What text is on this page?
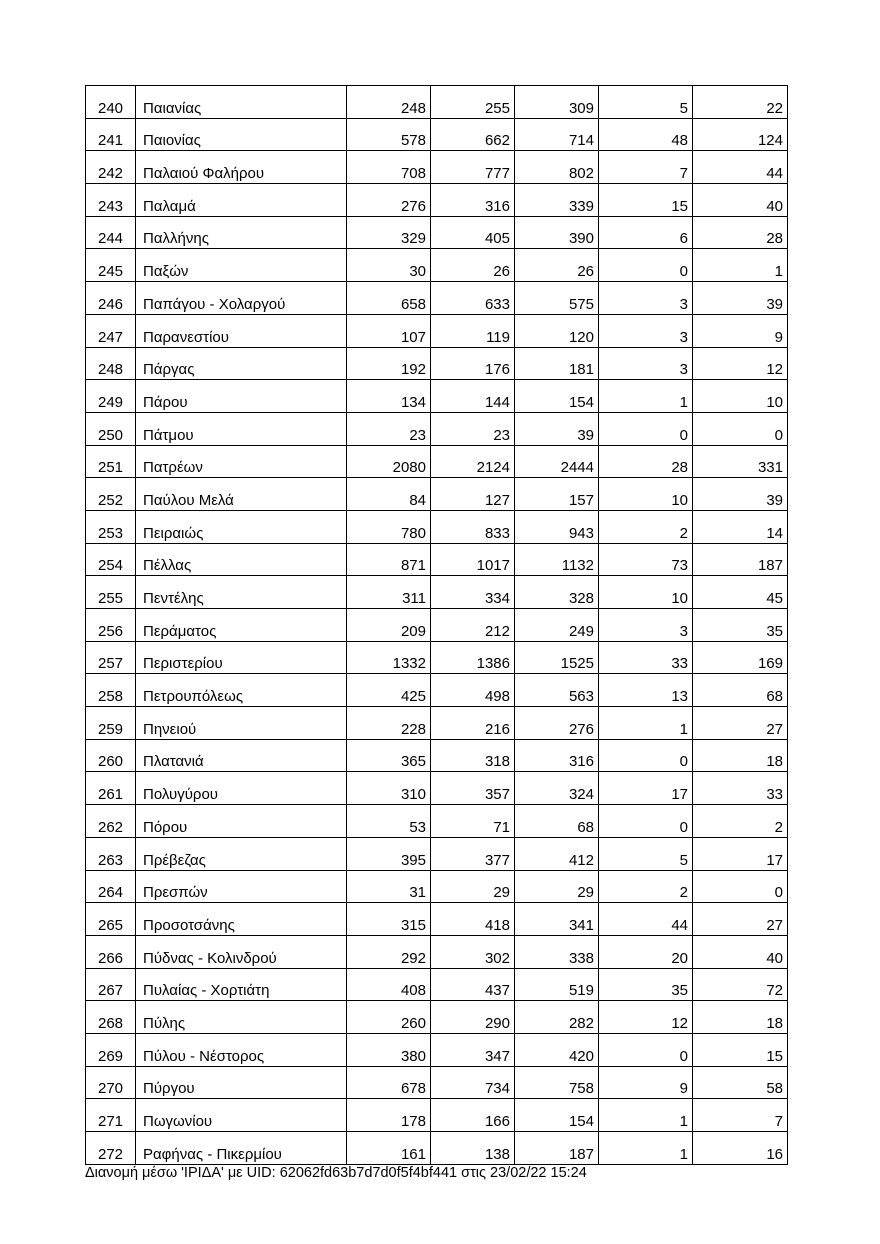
240	Παιανίας	248	255	309	5	22
241	Παιονίας	578	662	714	48	124
242	Παλαιού Φαλήρου	708	777	802	7	44
243	Παλαμά	276	316	339	15	40
244	Παλλήνης	329	405	390	6	28
245	Παξών	30	26	26	0	1
246	Παπάγου - Χολαργού	658	633	575	3	39
247	Παρανεστίου	107	119	120	3	9
248	Πάργας	192	176	181	3	12
249	Πάρου	134	144	154	1	10
250	Πάτμου	23	23	39	0	0
251	Πατρέων	2080	2124	2444	28	331
252	Παύλου Μελά	84	127	157	10	39
253	Πειραιώς	780	833	943	2	14
254	Πέλλας	871	1017	1132	73	187
255	Πεντέλης	311	334	328	10	45
256	Περάματος	209	212	249	3	35
257	Περιστερίου	1332	1386	1525	33	169
258	Πετρουπόλεως	425	498	563	13	68
259	Πηνειού	228	216	276	1	27
260	Πλατανιά	365	318	316	0	18
261	Πολυγύρου	310	357	324	17	33
262	Πόρου	53	71	68	0	2
263	Πρέβεζας	395	377	412	5	17
264	Πρεσπών	31	29	29	2	0
265	Προσοτσάνης	315	418	341	44	27
266	Πύδνας - Κολινδρού	292	302	338	20	40
267	Πυλαίας - Χορτιάτη	408	437	519	35	72
268	Πύλης	260	290	282	12	18
269	Πύλου - Νέστορος	380	347	420	0	15
270	Πύργου	678	734	758	9	58
271	Πωγωνίου	178	166	154	1	7
272	Ραφήνας - Πικερμίου	161	138	187	1	16
Διανομή μέσω 'ΙΡΙΔΑ' με UID: 62062fd63b7d7d0f5f4bf441 στις 23/02/22 15:24
